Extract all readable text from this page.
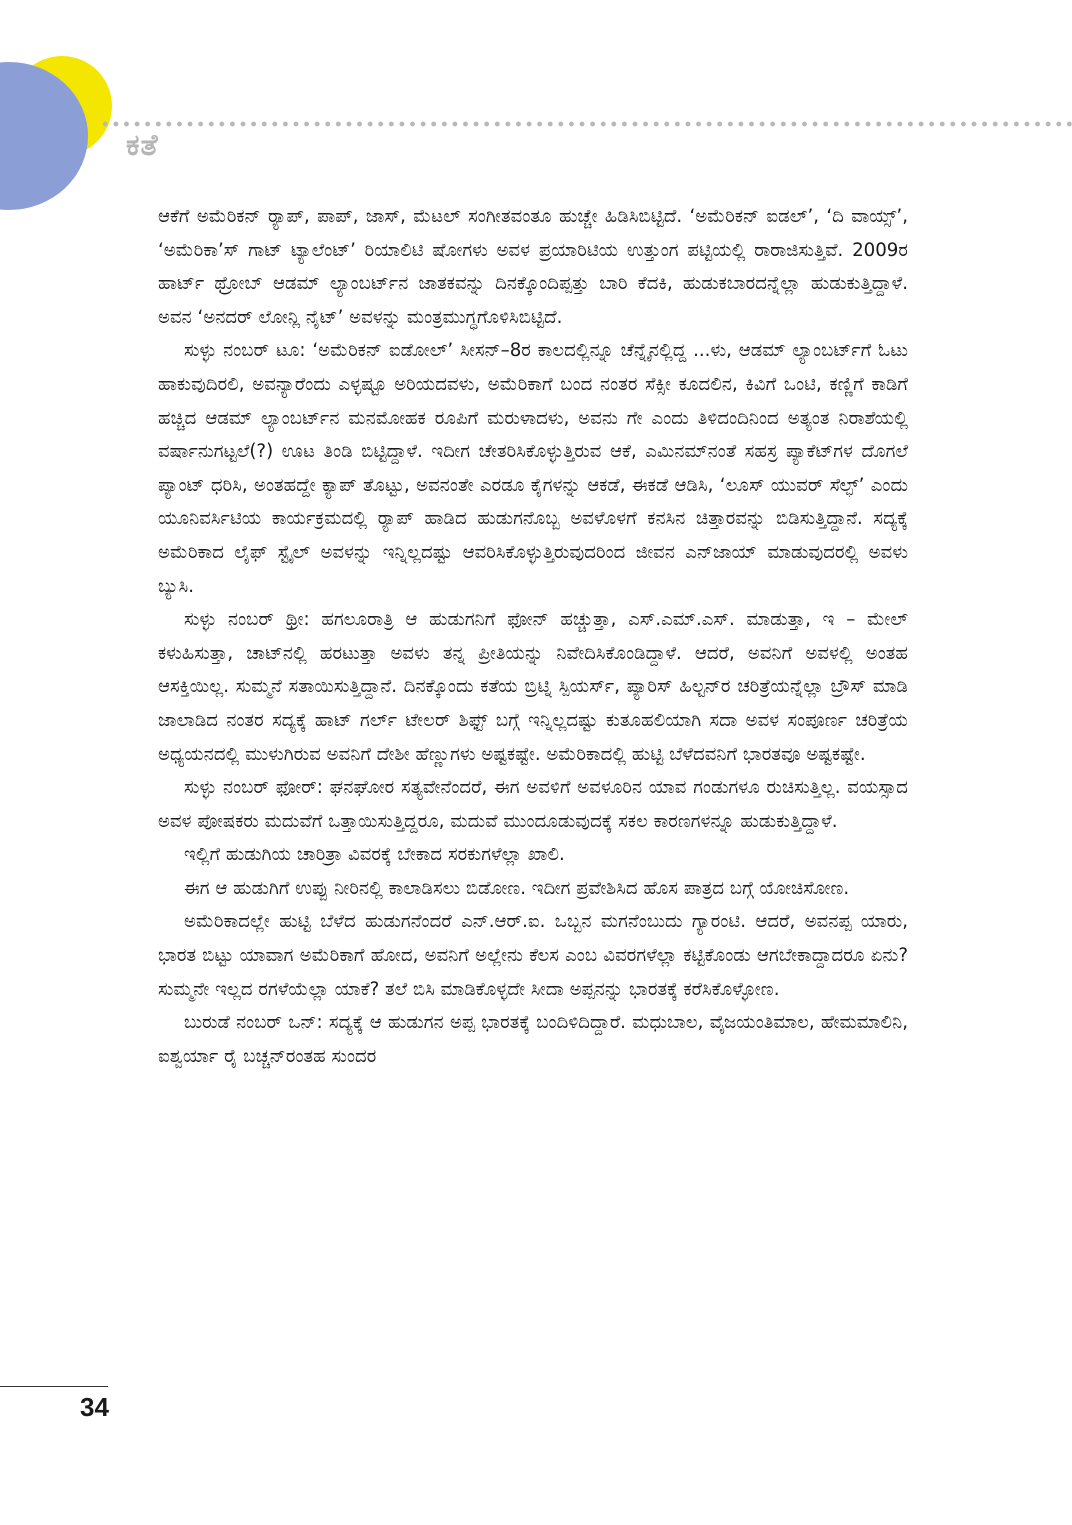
ಕತೆ

ಆಕೆಗೆ ಅಮೆರಿಕನ್ ರ್‍ಯಾಪ್, ಪಾಪ್, ಜಾಸ್, ಮೆಟಲ್ ಸಂಗೀತವಂತೂ ಹುಚ್ಚೇ ಹಿಡಿಸಿಬಿಟ್ಟಿದೆ. ‘ಅಮೆರಿಕನ್ ಐಡಲ್’, ‘ದಿ ವಾಯ್ಸ್’, ‘ಅಮೆರಿಕಾ’ಸ್ ಗಾಟ್ ಟ್ಯಾಲೆಂಟ್’ ರಿಯಾಲಿಟಿ ಷೋಗಳು ಅವಳ ಪ್ರಯಾರಿಟಿಯ ಉತ್ತುಂಗ ಪಟ್ಟಿಯಲ್ಲಿ ರಾರಾಜಿಸುತ್ತಿವೆ. 2009ರ ಹಾರ್ಟ್ ಥ್ರೋಬ್ ಆಡಮ್ ಲ್ಯಾಂಬರ್ಟ್‌ನ ಜಾತಕವನ್ನು ದಿನಕ್ಕೊಂದಿಪ್ಪತ್ತು ಬಾರಿ ಕೆದಕಿ, ಹುಡುಕಬಾರದನ್ನೆಲ್ಲಾ ಹುಡುಕುತ್ತಿದ್ದಾಳೆ. ಅವನ ‘ಅನದರ್ ಲೋನ್ಲಿ ನೈಟ್’ ಅವಳನ್ನು ಮಂತ್ರಮುಗ್ಧಗೊಳಿಸಿಬಿಟ್ಟಿದೆ.

ಸುಳ್ಳು ನಂಬರ್ ಟೂ: ‘ಅಮೆರಿಕನ್ ಐಡೋಲ್’ ಸೀಸನ್–8ರ ಕಾಲದಲ್ಲಿನ್ನೂ ಚೆನ್ನೈನಲ್ಲಿದ್ದ ...ಳು, ಆಡಮ್ ಲ್ಯಾಂಬರ್ಟ್‌ಗೆ ಓಟು ಹಾಕುವುದಿರಲಿ, ಅವನ್ಯಾರೆಂದು ಎಳ್ಳಷ್ಟೂ ಅರಿಯದವಳು, ಅಮೆರಿಕಾಗೆ ಬಂದ ನಂತರ ಸೆಕ್ಸೀ ಕೂದಲಿನ, ಕಿವಿಗೆ ಒಂಟಿ, ಕಣ್ಣಿಗೆ ಕಾಡಿಗೆ ಹಚ್ಚಿದ ಆಡಮ್ ಲ್ಯಾಂಬರ್ಟ್‌ನ ಮನಮೋಹಕ ರೂಪಿಗೆ ಮರುಳಾದಳು, ಅವನು ಗೇ ಎಂದು ತಿಳಿದಂದಿನಿಂದ ಅತ್ಯಂತ ನಿರಾಶೆಯಲ್ಲಿ ವರ್ಷಾನುಗಟ್ಟಲೆ(?) ಊಟ ತಿಂಡಿ ಬಿಟ್ಟಿದ್ದಾಳೆ. ಇದೀಗ ಚೇತರಿಸಿಕೊಳ್ಳುತ್ತಿರುವ ಆಕೆ, ಎಮಿನಮ್‌ನಂತೆ ಸಹಸ್ರ ಪ್ಯಾಕೆಟ್‌ಗಳ ದೊಗಲೆ ಪ್ಯಾಂಟ್ ಧರಿಸಿ, ಅಂತಹದ್ದೇ ಕ್ಯಾಪ್ ತೊಟ್ಟು, ಅವನಂತೇ ಎರಡೂ ಕೈಗಳನ್ನು ಆಕಡೆ, ಈಕಡೆ ಆಡಿಸಿ, ‘ಲೂಸ್ ಯುವರ್ ಸೆಲ್ಫ್’ ಎಂದು ಯೂನಿವರ್ಸಿಟಿಯ ಕಾರ್ಯಕ್ರಮದಲ್ಲಿ ರ್‍ಯಾಪ್ ಹಾಡಿದ ಹುಡುಗನೊಬ್ಬ ಅವಳೊಳಗೆ ಕನಸಿನ ಚಿತ್ತಾರವನ್ನು ಬಿಡಿಸುತ್ತಿದ್ದಾನೆ. ಸದ್ಯಕ್ಕೆ ಅಮೆರಿಕಾದ ಲೈಫ್ ಸ್ಟೈಲ್ ಅವಳನ್ನು ಇನ್ನಿಲ್ಲದಷ್ಟು ಆವರಿಸಿಕೊಳ್ಳುತ್ತಿರುವುದರಿಂದ ಜೀವನ ಎನ್‌ಜಾಯ್ ಮಾಡುವುದರಲ್ಲಿ ಅವಳು ಬ್ಯುಸಿ.

ಸುಳ್ಳು ನಂಬರ್ ಥ್ರೀ: ಹಗಲೂರಾತ್ರಿ ಆ ಹುಡುಗನಿಗೆ ಫೋನ್ ಹಚ್ಚುತ್ತಾ, ಎಸ್.ಎಮ್.ಎಸ್. ಮಾಡುತ್ತಾ, ಇ – ಮೇಲ್ ಕಳುಹಿಸುತ್ತಾ, ಚಾಟ್‌ನಲ್ಲಿ ಹರಟುತ್ತಾ ಅವಳು ತನ್ನ ಪ್ರೀತಿಯನ್ನು ನಿವೇದಿಸಿಕೊಂಡಿದ್ದಾಳೆ. ಆದರೆ, ಅವನಿಗೆ ಅವಳಲ್ಲಿ ಅಂತಹ ಆಸಕ್ತಿಯಿಲ್ಲ. ಸುಮ್ಮನೆ ಸತಾಯಿಸುತ್ತಿದ್ದಾನೆ. ದಿನಕ್ಕೊಂದು ಕತೆಯ ಬ್ರಿಟ್ನಿ ಸ್ಪಿಯರ್ಸ್, ಪ್ಯಾರಿಸ್ ಹಿಲ್ಟನ್‌ರ ಚರಿತ್ರೆಯನ್ನೆಲ್ಲಾ ಬ್ರೌಸ್ ಮಾಡಿ ಜಾಲಾಡಿದ ನಂತರ ಸದ್ಯಕ್ಕೆ ಹಾಟ್ ಗರ್ಲ್ ಟೇಲರ್ ಶಿಫ್ಟ್ ಬಗ್ಗೆ ಇನ್ನಿಲ್ಲದಷ್ಟು ಕುತೂಹಲಿಯಾಗಿ ಸದಾ ಅವಳ ಸಂಪೂರ್ಣ ಚರಿತ್ರೆಯ ಅಧ್ಯಯನದಲ್ಲಿ ಮುಳುಗಿರುವ ಅವನಿಗೆ ದೇಶೀ ಹೆಣ್ಣುಗಳು ಅಷ್ಟಕಷ್ಟೇ. ಅಮೆರಿಕಾದಲ್ಲಿ ಹುಟ್ಟಿ ಬೆಳೆದವನಿಗೆ ಭಾರತವೂ ಅಷ್ಟಕಷ್ಟೇ.

ಸುಳ್ಳು ನಂಬರ್ ಫೋರ್: ಘನಘೋರ ಸತ್ಯವೇನೆಂದರೆ, ಈಗ ಅವಳಿಗೆ ಅವಳೂರಿನ ಯಾವ ಗಂಡುಗಳೂ ರುಚಿಸುತ್ತಿಲ್ಲ. ವಯಸ್ಸಾದ ಅವಳ ಪೋಷಕರು ಮದುವೆಗೆ ಒತ್ತಾಯಿಸುತ್ತಿದ್ದರೂ, ಮದುವೆ ಮುಂದೂಡುವುದಕ್ಕೆ ಸಕಲ ಕಾರಣಗಳನ್ನೂ ಹುಡುಕುತ್ತಿದ್ದಾಳೆ.

ಇಲ್ಲಿಗೆ ಹುಡುಗಿಯ ಚಾರಿತ್ರಾ ವಿವರಕ್ಕೆ ಬೇಕಾದ ಸರಕುಗಳೆಲ್ಲಾ ಖಾಲಿ.

ಈಗ ಆ ಹುಡುಗಿಗೆ ಉಪ್ಪು ನೀರಿನಲ್ಲಿ ಕಾಲಾಡಿಸಲು ಬಿಡೋಣ. ಇದೀಗ ಪ್ರವೇಶಿಸಿದ ಹೊಸ ಪಾತ್ರದ ಬಗ್ಗೆ ಯೋಚಿಸೋಣ.

ಅಮೆರಿಕಾದಲ್ಲೇ ಹುಟ್ಟಿ ಬೆಳೆದ ಹುಡುಗನೆಂದರೆ ಎನ್.ಆರ್.ಐ. ಒಬ್ಬನ ಮಗನೆಂಬುದು ಗ್ಯಾರಂಟಿ. ಆದರೆ, ಅವನಪ್ಪ ಯಾರು, ಭಾರತ ಬಿಟ್ಟು ಯಾವಾಗ ಅಮೆರಿಕಾಗೆ ಹೋದ, ಅವನಿಗೆ ಅಲ್ಲೇನು ಕೆಲಸ ಎಂಬ ವಿವರಗಳೆಲ್ಲಾ ಕಟ್ಟಿಕೊಂಡು ಆಗಬೇಕಾದ್ದಾದರೂ ಏನು? ಸುಮ್ಮನೇ ಇಲ್ಲದ ರಗಳೆಯೆಲ್ಲಾ ಯಾಕೆ? ತಲೆ ಬಿಸಿ ಮಾಡಿಕೊಳ್ಳದೇ ಸೀದಾ ಅಪ್ಪನನ್ನು ಭಾರತಕ್ಕೆ ಕರೆಸಿಕೊಳ್ಳೋಣ.

ಬುರುಡೆ ನಂಬರ್ ಒನ್: ಸದ್ಯಕ್ಕೆ ಆ ಹುಡುಗನ ಅಪ್ಪ ಭಾರತಕ್ಕೆ ಬಂದಿಳಿದಿದ್ದಾರೆ. ಮಧುಬಾಲ, ವೈಜಯಂತಿಮಾಲ, ಹೇಮಮಾಲಿನಿ, ಐಶ್ವರ್ಯಾ ರೈ ಬಚ್ಚನ್‌ರಂತಹ ಸುಂದರ

34
